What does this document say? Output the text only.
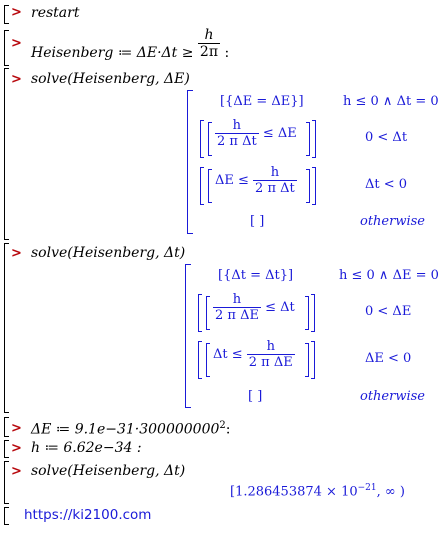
> restart
>
Heisenberg ≔ $\Delta E\cdot\Delta t \ge \frac{h}{2\pi}$ :
> solve(Heisenberg, ΔE)
[{ΔE = ΔE}]	h ≤ 0 ∧ Δt = 0
$\frac{h}{\text{2 π Δt}} \le \Delta E$	0 < Δt
$\Delta E \le \frac{h}{\text{2 π Δt}}$	Δt < 0
[ ]	otherwise
> solve(Heisenberg, Δt)
[{Δt = Δt}]	h ≤ 0 ∧ ΔE = 0
$\frac{h}{\text{2 π ΔE}} \le \Delta t$	0 < ΔE
$\Delta t \le \frac{h}{\text{2 π ΔE}}$	ΔE < 0
[ ]	otherwise
> ΔE ≔ $9.1e-31\cdot 300000000^2$:
> h ≔ 6.62e−34 :
> solve(Heisenberg, Δt)
[$1.286453874 \times 10^{-21}$, ∞ )
https://ki2100.com
